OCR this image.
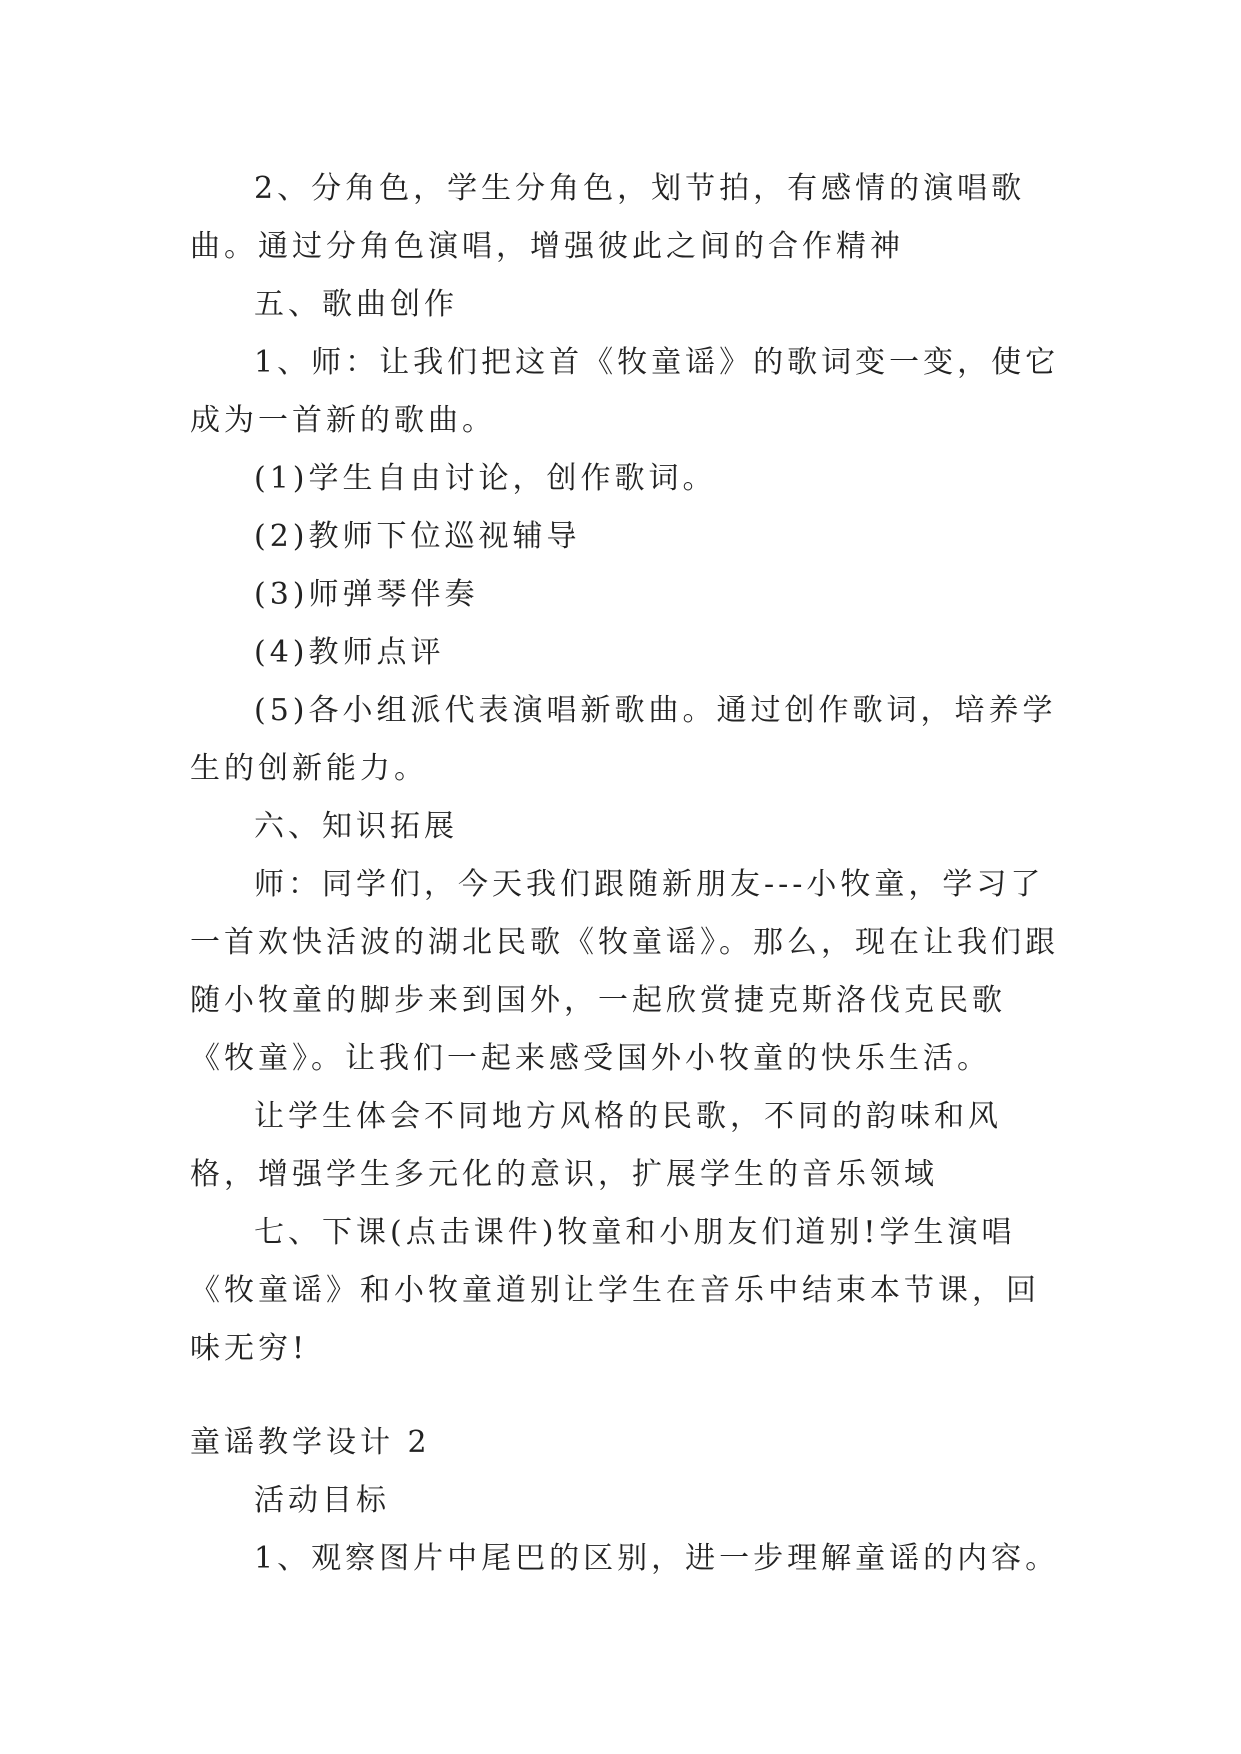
2、分角色，学生分角色，划节拍，有感情的演唱歌曲。通过分角色演唱，增强彼此之间的合作精神

五、歌曲创作

1、师：让我们把这首《牧童谣》的歌词变一变，使它成为一首新的歌曲。

(1)学生自由讨论，创作歌词。

(2)教师下位巡视辅导

(3)师弹琴伴奏

(4)教师点评

(5)各小组派代表演唱新歌曲。通过创作歌词，培养学生的创新能力。

六、知识拓展

师：同学们，今天我们跟随新朋友---小牧童，学习了一首欢快活波的湖北民歌《牧童谣》。那么，现在让我们跟随小牧童的脚步来到国外，一起欣赏捷克斯洛伐克民歌《牧童》。让我们一起来感受国外小牧童的快乐生活。

让学生体会不同地方风格的民歌，不同的韵味和风格，增强学生多元化的意识，扩展学生的音乐领域

七、下课(点击课件)牧童和小朋友们道别!学生演唱《牧童谣》和小牧童道别让学生在音乐中结束本节课，回味无穷!

童谣教学设计 2

活动目标

1、观察图片中尾巴的区别，进一步理解童谣的内容。
